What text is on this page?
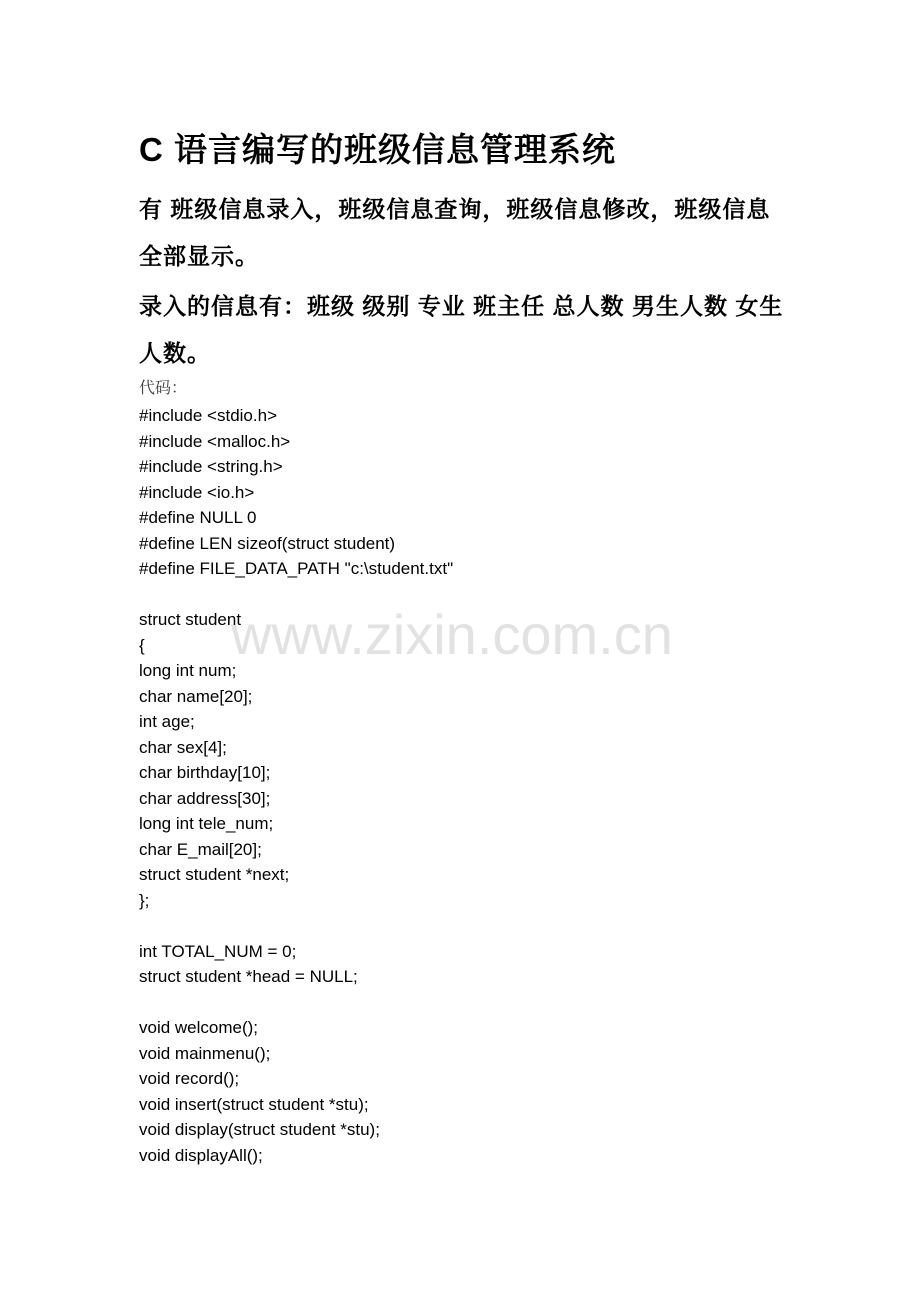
C 语言编写的班级信息管理系统

有 班级信息录入，班级信息查询，班级信息修改，班级信息全部显示。

录入的信息有：班级 级别 专业 班主任 总人数 男生人数 女生人数。

代码：
#include <stdio.h>
#include <malloc.h>
#include <string.h>
#include <io.h>
#define NULL 0
#define LEN sizeof(struct student)
#define FILE_DATA_PATH "c:\student.txt"
struct student
{
long int num;
char name[20];
int age;
char sex[4];
char birthday[10];
char address[30];
long int tele_num;
char E_mail[20];
struct student *next;
};
int TOTAL_NUM = 0;
struct student *head = NULL;
void welcome();
void mainmenu();
void record();
void insert(struct student *stu);
void display(struct student *stu);
void displayAll();
www.zixin.com.cn
